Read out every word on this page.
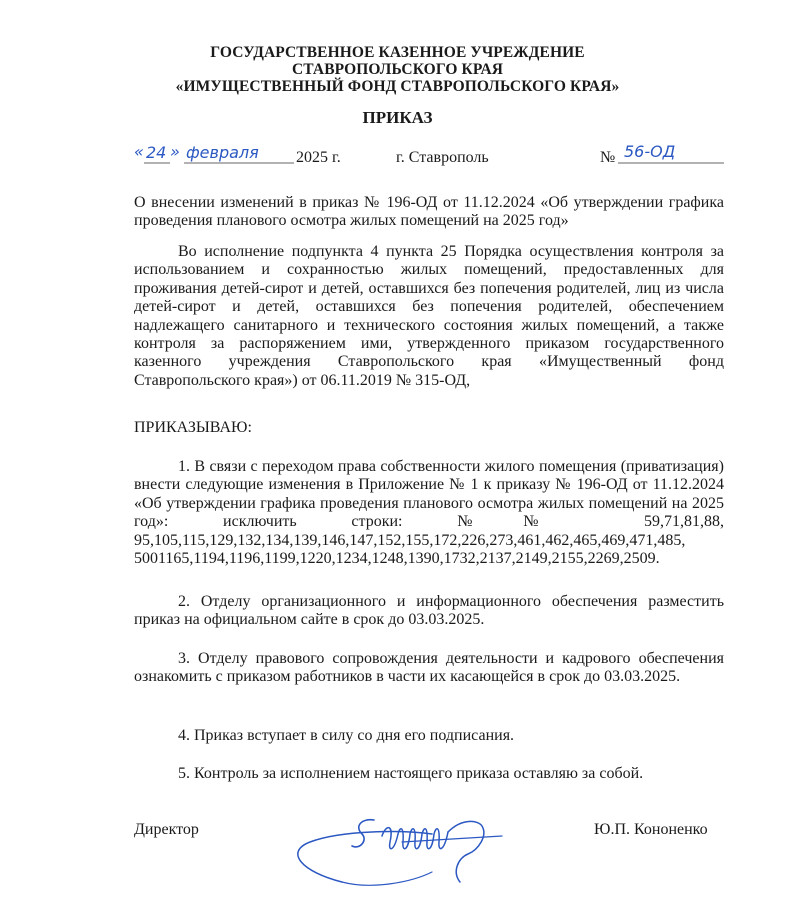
ГОСУДАРСТВЕННОЕ КАЗЕННОЕ УЧРЕЖДЕНИЕ
СТАВРОПОЛЬСКОГО КРАЯ
«ИМУЩЕСТВЕННЫЙ ФОНД СТАВРОПОЛЬСКОГО КРАЯ»
ПРИКАЗ
« 24 » февраля 2025 г.	г. Ставрополь	№ 56-ОД
О внесении изменений в приказ № 196-ОД от 11.12.2024 «Об утверждении графика проведения планового осмотра жилых помещений на 2025 год»
Во исполнение подпункта 4 пункта 25 Порядка осуществления контроля за использованием и сохранностью жилых помещений, предоставленных для проживания детей-сирот и детей, оставшихся без попечения родителей, лиц из числа детей-сирот и детей, оставшихся без попечения родителей, обеспечением надлежащего санитарного и технического состояния жилых помещений, а также контроля за распоряжением ими, утвержденного приказом государственного казенного учреждения Ставропольского края «Имущественный фонд Ставропольского края») от 06.11.2019 № 315-ОД,
ПРИКАЗЫВАЮ:
1. В связи с переходом права собственности жилого помещения (приватизация) внести следующие изменения в Приложение № 1 к приказу № 196-ОД от 11.12.2024 «Об утверждении графика проведения планового осмотра жилых помещений на 2025 год»: исключить строки: №№ 59,71,81,88, 95,105,115,129,132,134,139,146,147,152,155,172,226,273,461,462,465,469,471,485, 5001165,1194,1196,1199,1220,1234,1248,1390,1732,2137,2149,2155,2269,2509.
2. Отделу организационного и информационного обеспечения разместить приказ на официальном сайте в срок до 03.03.2025.
3. Отделу правового сопровождения деятельности и кадрового обеспечения ознакомить с приказом работников в части их касающейся в срок до 03.03.2025.
4. Приказ вступает в силу со дня его подписания.
5. Контроль за исполнением настоящего приказа оставляю за собой.
Директор	Ю.П. Кононенко
